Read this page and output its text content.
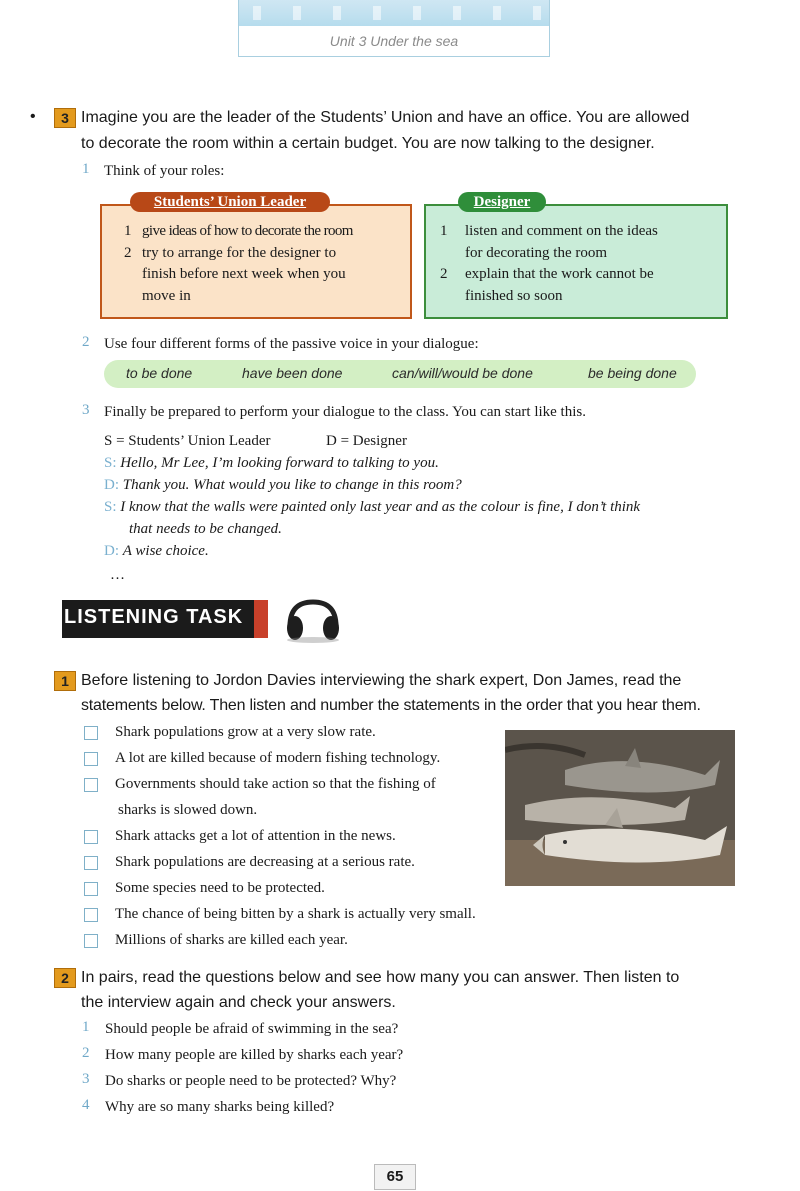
Unit 3 Under the sea
•	3 Imagine you are the leader of the Students’ Union and have an office. You are allowed
to decorate the room within a certain budget. You are now talking to the designer.
1 Think of your roles:
1 give ideas of how to decorate the room
2 try to arrange for the designer to
finish before next week when you
move in
Students’ Union Leader
1 listen and comment on the ideas
for decorating the room
2 explain that the work cannot be
finished so soon
Designer
2 Use four different forms of the passive voice in your dialogue:
to be done	have been done	can/will/would be done	be being done
3 Finally be prepared to perform your dialogue to the class. You can start like this.
S = Students’ Union Leader	D = Designer
S: Hello, Mr Lee, I’m looking forward to talking to you.
D: Thank you. What would you like to change in this room?
S: I know that the walls were painted only last year and as the colour is fine, I don’t think
that needs to be changed.
D: A wise choice.
…
LISTENING TASK
1 Before listening to Jordon Davies interviewing the shark expert, Don James, read the
statements below. Then listen and number the statements in the order that you hear them.
Shark populations grow at a very slow rate.
A lot are killed because of modern fishing technology.
Governments should take action so that the fishing of
sharks is slowed down.
Shark attacks get a lot of attention in the news.
Shark populations are decreasing at a serious rate.
Some species need to be protected.
The chance of being bitten by a shark is actually very small.
Millions of sharks are killed each year.
2 In pairs, read the questions below and see how many you can answer. Then listen to
the interview again and check your answers.
1 Should people be afraid of swimming in the sea?
2 How many people are killed by sharks each year?
3 Do sharks or people need to be protected? Why?
4 Why are so many sharks being killed?
65
